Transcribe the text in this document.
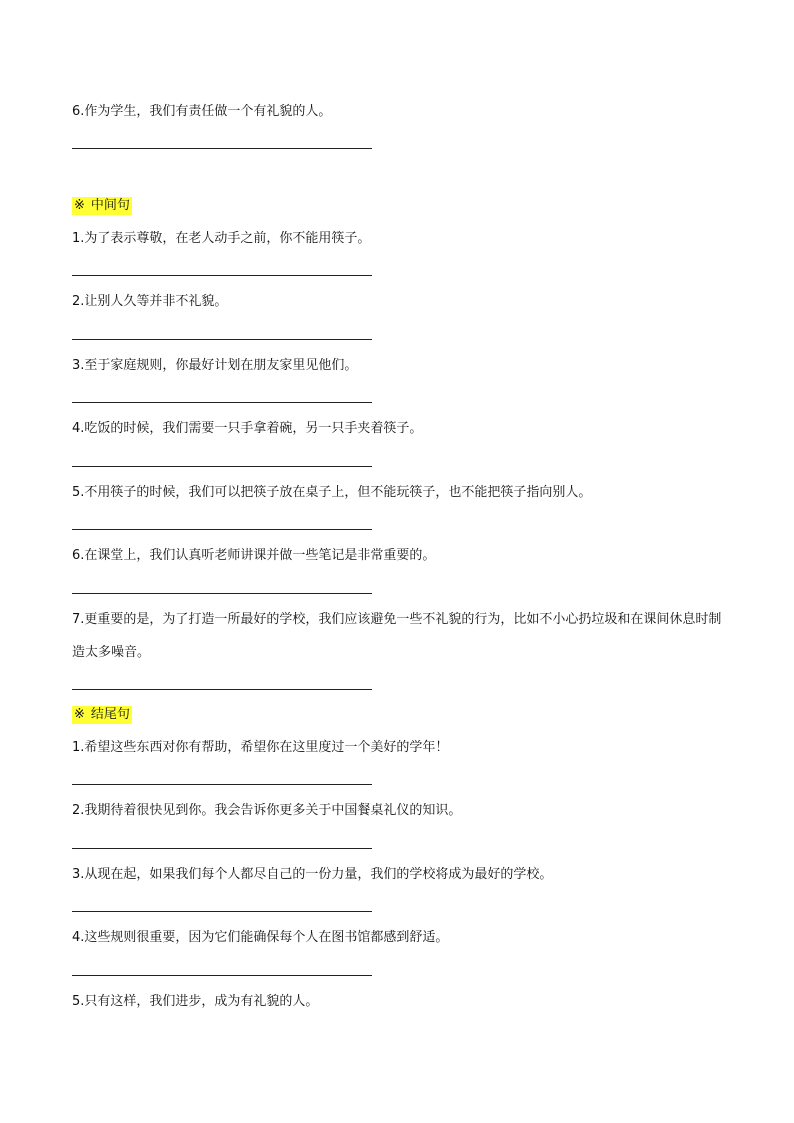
6.作为学生，我们有责任做一个有礼貌的人。
※ 中间句
1.为了表示尊敬，在老人动手之前，你不能用筷子。
2.让别人久等并非不礼貌。
3.至于家庭规则，你最好计划在朋友家里见他们。
4.吃饭的时候，我们需要一只手拿着碗，另一只手夹着筷子。
5.不用筷子的时候，我们可以把筷子放在桌子上，但不能玩筷子，也不能把筷子指向别人。
6.在课堂上，我们认真听老师讲课并做一些笔记是非常重要的。
7.更重要的是，为了打造一所最好的学校，我们应该避免一些不礼貌的行为，比如不小心扔垃圾和在课间休息时制造太多噪音。
※ 结尾句
1.希望这些东西对你有帮助，希望你在这里度过一个美好的学年！
2.我期待着很快见到你。我会告诉你更多关于中国餐桌礼仪的知识。
3.从现在起，如果我们每个人都尽自己的一份力量，我们的学校将成为最好的学校。
4.这些规则很重要，因为它们能确保每个人在图书馆都感到舒适。
5.只有这样，我们进步，成为有礼貌的人。
